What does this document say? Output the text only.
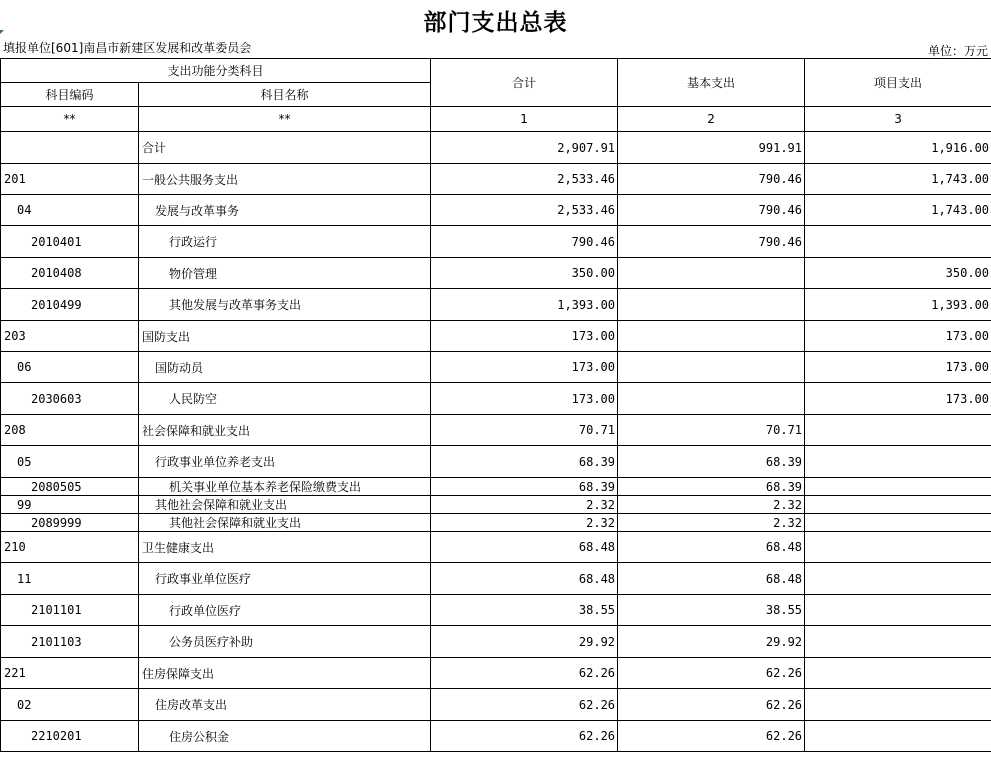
部门支出总表
填报单位[601]南昌市新建区发展和改革委员会	单位：万元
支出功能分类科目		合计	基本支出	项目支出
科目编码	科目名称			
**	**	1	2	3
	合计	2,907.91	991.91	1,916.00
201	一般公共服务支出	2,533.46	790.46	1,743.00
04	发展与改革事务	2,533.46	790.46	1,743.00
2010401	行政运行	790.46	790.46	
2010408	物价管理	350.00		350.00
2010499	其他发展与改革事务支出	1,393.00		1,393.00
203	国防支出	173.00		173.00
06	国防动员	173.00		173.00
2030603	人民防空	173.00		173.00
208	社会保障和就业支出	70.71	70.71	
05	行政事业单位养老支出	68.39	68.39	
2080505	机关事业单位基本养老保险缴费支出	68.39	68.39	
99	其他社会保障和就业支出	2.32	2.32	
2089999	其他社会保障和就业支出	2.32	2.32	
210	卫生健康支出	68.48	68.48	
11	行政事业单位医疗	68.48	68.48	
2101101	行政单位医疗	38.55	38.55	
2101103	公务员医疗补助	29.92	29.92	
221	住房保障支出	62.26	62.26	
02	住房改革支出	62.26	62.26	
2210201	住房公积金	62.26	62.26	
